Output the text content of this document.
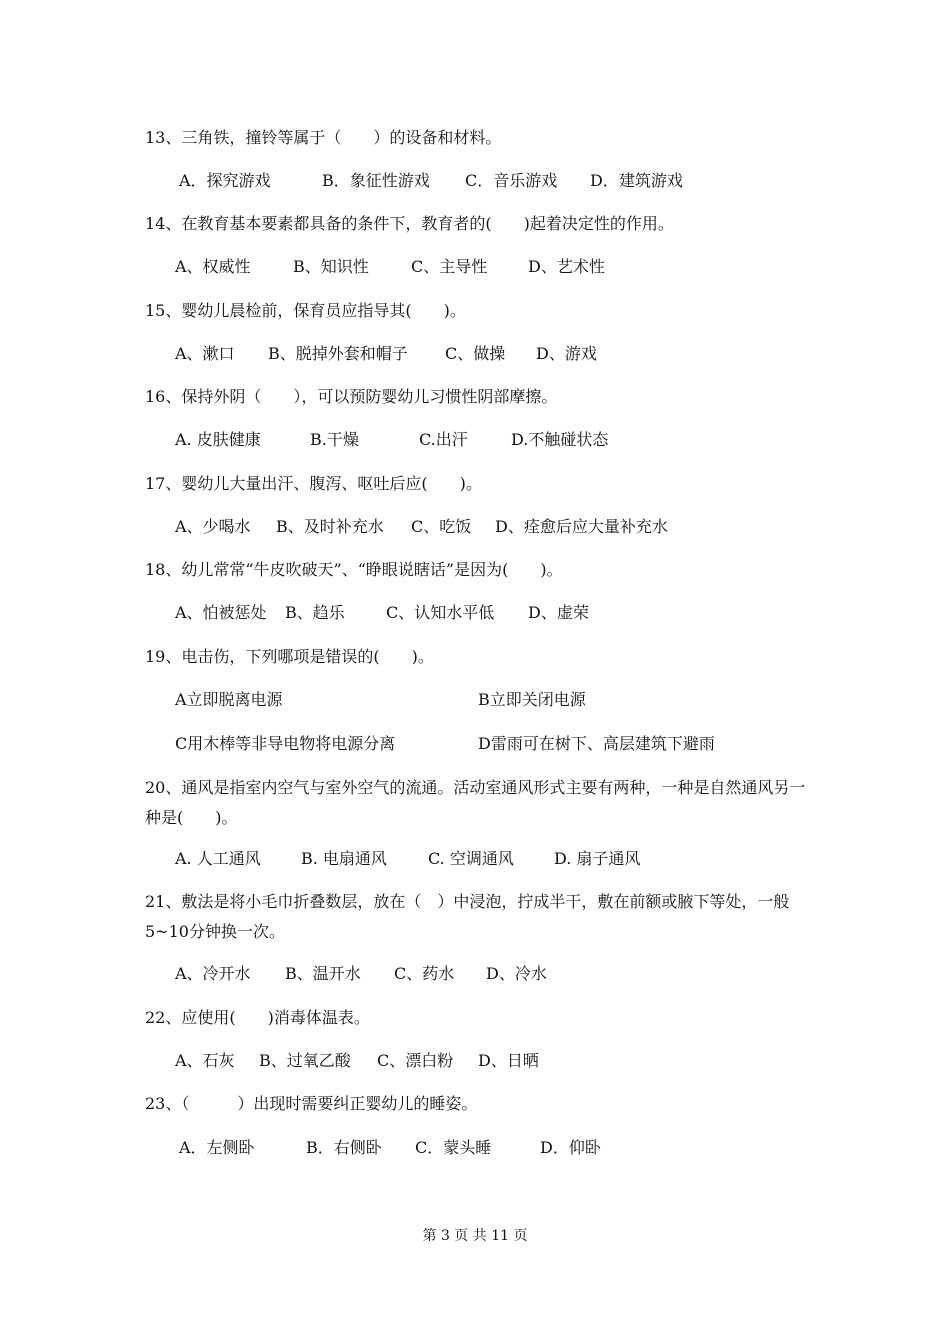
13、三角铁，撞铃等属于（　　）的设备和材料。

A．探究游戏

	B．象征性游戏

C．音乐游戏

D．建筑游戏

14、在教育基本要素都具备的条件下，教育者的(　　)起着决定性的作用。

A、权威性

	B、知识性

	C、主导性

	D、艺术性

15、婴幼儿晨检前，保育员应指导其(　　)。

A、漱口

B、脱掉外套和帽子

C、做操

D、游戏

16、保持外阴（　　），可以预防婴幼儿习惯性阴部摩擦。

A. 皮肤健康

	B.干燥

	C.出汗

	D.不触碰状态

17、婴幼儿大量出汗、腹泻、呕吐后应(　　)。

A、少喝水

B、及时补充水

C、吃饭

D、痊愈后应大量补充水

18、幼儿常常“牛皮吹破天”、“睁眼说瞎话”是因为(　　)。

A、怕被惩处

B、趋乐

	C、认知水平低

D、虚荣

19、电击伤，下列哪项是错误的(　　)。

A立即脱离电源

	B立即关闭电源

C用木棒等非导电物将电源分离

	D雷雨可在树下、高层建筑下避雨

20、通风是指室内空气与室外空气的流通。活动室通风形式主要有两种，一种是自然通风另一种是(　　)。

A. 人工通风

	B. 电扇通风

	C. 空调通风

	D. 扇子通风

21、敷法是将小毛巾折叠数层，放在（　）中浸泡，拧成半干，敷在前额或腋下等处，一般5~10分钟换一次。

A、冷开水

B、温开水

C、药水

D、冷水

22、应使用(　　)消毒体温表。

A、石灰

B、过氧乙酸

C、漂白粉

D、日晒

23、（　　　）出现时需要纠正婴幼儿的睡姿。

A．左侧卧

	B．右侧卧

C．蒙头睡

	D．仰卧

第 3 页 共 11 页
